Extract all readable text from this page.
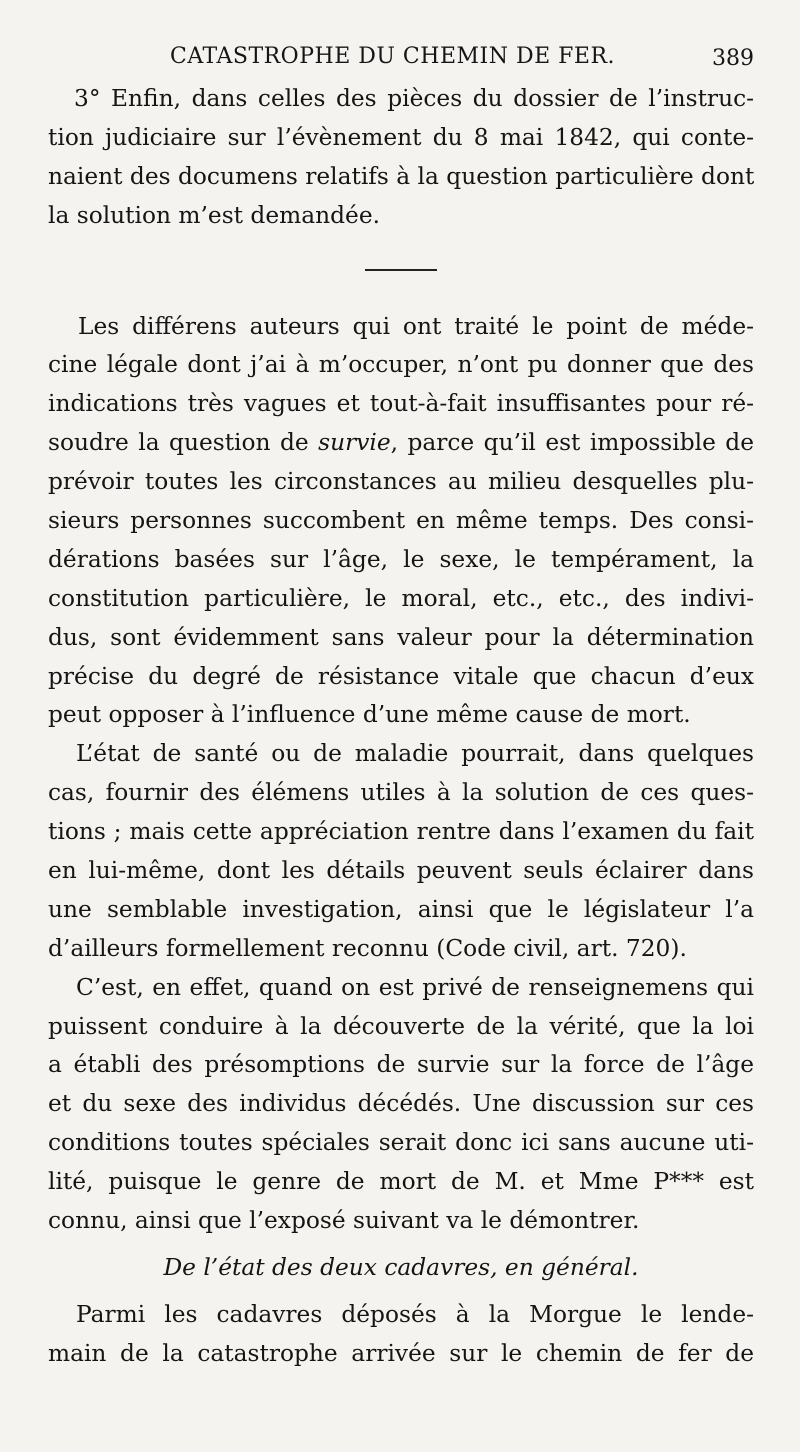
CATASTROPHE DU CHEMIN DE FER.	389
3° Enfin, dans celles des pièces du dossier de l’instruc-
tion judiciaire sur l’évènement du 8 mai 1842, qui conte-
naient des documens relatifs à la question particulière dont
la solution m’est demandée.
Les différens auteurs qui ont traité le point de méde-
cine légale dont j’ai à m’occuper, n’ont pu donner que des
indications très vagues et tout-à-fait insuffisantes pour ré-
soudre la question de survie, parce qu’il est impossible de
prévoir toutes les circonstances au milieu desquelles plu-
sieurs personnes succombent en même temps. Des consi-
dérations basées sur l’âge, le sexe, le tempérament, la
constitution particulière, le moral, etc., etc., des indivi-
dus, sont évidemment sans valeur pour la détermination
précise du degré de résistance vitale que chacun d’eux
peut opposer à l’influence d’une même cause de mort.
L’état de santé ou de maladie pourrait, dans quelques
cas, fournir des élémens utiles à la solution de ces ques-
tions ; mais cette appréciation rentre dans l’examen du fait
en lui-même, dont les détails peuvent seuls éclairer dans
une semblable investigation, ainsi que le législateur l’a
d’ailleurs formellement reconnu (Code civil, art. 720).
C’est, en effet, quand on est privé de renseignemens qui
puissent conduire à la découverte de la vérité, que la loi
a établi des présomptions de survie sur la force de l’âge
et du sexe des individus décédés. Une discussion sur ces
conditions toutes spéciales serait donc ici sans aucune uti-
lité, puisque le genre de mort de M. et Mme P*** est
connu, ainsi que l’exposé suivant va le démontrer.
De l’état des deux cadavres, en général.
Parmi les cadavres déposés à la Morgue le lende-
main de la catastrophe arrivée sur le chemin de fer de
